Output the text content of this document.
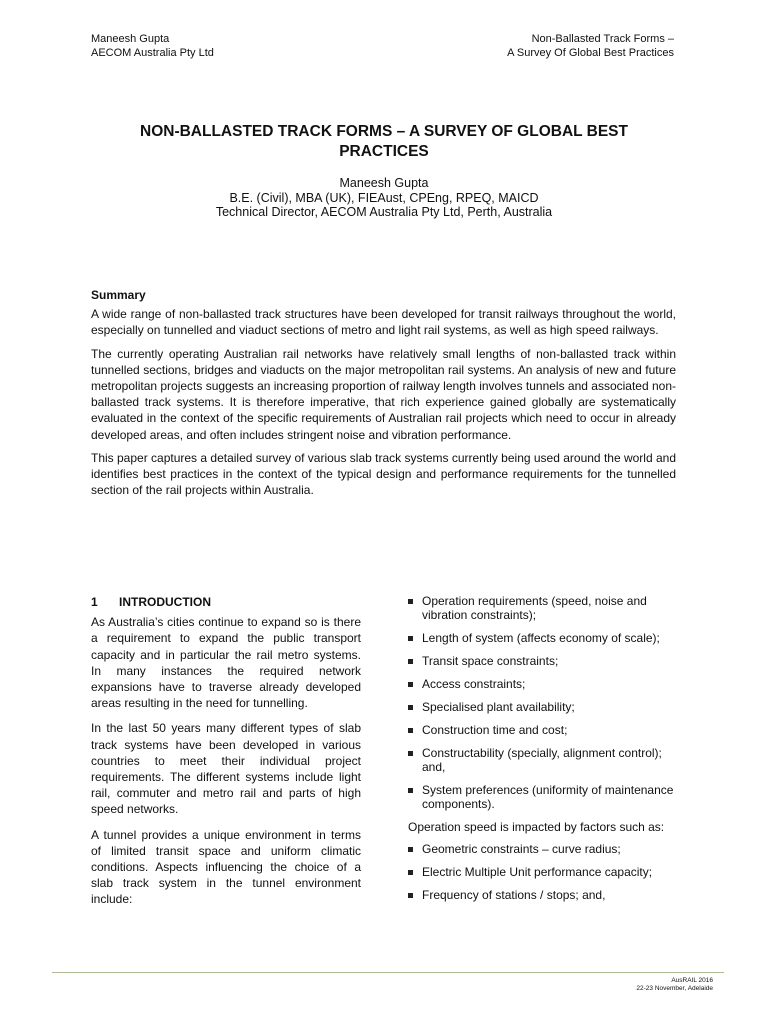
Maneesh Gupta
AECOM Australia Pty Ltd
Non-Ballasted Track Forms –
A Survey Of Global Best Practices
NON-BALLASTED TRACK FORMS – A SURVEY OF GLOBAL BEST
PRACTICES
Maneesh Gupta
B.E. (Civil), MBA (UK), FIEAust, CPEng, RPEQ, MAICD
Technical Director, AECOM Australia Pty Ltd, Perth, Australia
Summary

A wide range of non-ballasted track structures have been developed for transit railways throughout the world, especially on tunnelled and viaduct sections of metro and light rail systems, as well as high speed railways.

The currently operating Australian rail networks have relatively small lengths of non-ballasted track within tunnelled sections, bridges and viaducts on the major metropolitan rail systems. An analysis of new and future metropolitan projects suggests an increasing proportion of railway length involves tunnels and associated non-ballasted track systems. It is therefore imperative, that rich experience gained globally are systematically evaluated in the context of the specific requirements of Australian rail projects which need to occur in already developed areas, and often includes stringent noise and vibration performance.

This paper captures a detailed survey of various slab track systems currently being used around the world and identifies best practices in the context of the typical design and performance requirements for the tunnelled section of the rail projects within Australia.

1 INTRODUCTION

As Australia’s cities continue to expand so is there a requirement to expand the public transport capacity and in particular the rail metro systems. In many instances the required network expansions have to traverse already developed areas resulting in the need for tunnelling.

In the last 50 years many different types of slab track systems have been developed in various countries to meet their individual project requirements. The different systems include light rail, commuter and metro rail and parts of high speed networks.

A tunnel provides a unique environment in terms of limited transit space and uniform climatic conditions. Aspects influencing the choice of a slab track system in the tunnel environment include:

Operation requirements (speed, noise and vibration constraints);
Length of system (affects economy of scale);
Transit space constraints;
Access constraints;
Specialised plant availability;
Construction time and cost;
Constructability (specially, alignment control); and,
System preferences (uniformity of maintenance components).

Operation speed is impacted by factors such as:

Geometric constraints – curve radius;
Electric Multiple Unit performance capacity;
Frequency of stations / stops; and,
AusRAIL 2016
22-23 November, Adelaide
